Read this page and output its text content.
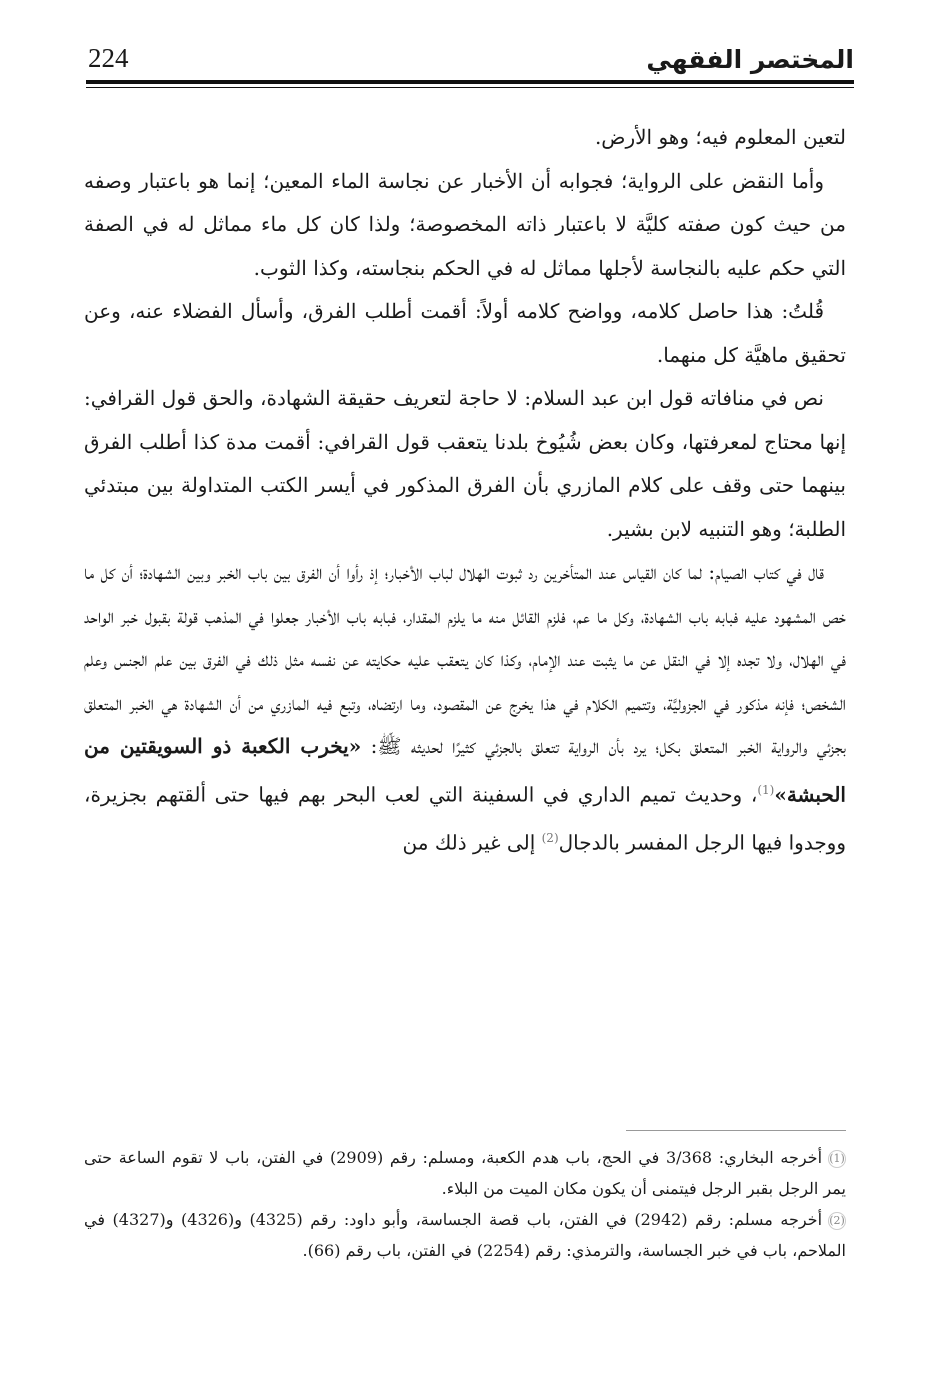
المختصر الفقهي
224

لتعين المعلوم فيه؛ وهو الأرض.

وأما النقض على الرواية؛ فجوابه أن الأخبار عن نجاسة الماء المعين؛ إنما هو باعتبار وصفه من حيث كون صفته كليَّة لا باعتبار ذاته المخصوصة؛ ولذا كان كل ماء مماثل له في الصفة التي حكم عليه بالنجاسة لأجلها مماثل له في الحكم بنجاسته، وكذا الثوب.

قُلتُ: هذا حاصل كلامه، وواضح كلامه أولاً: أقمت أطلب الفرق، وأسأل الفضلاء عنه، وعن تحقيق ماهيَّة كل منهما.

نص في منافاته قول ابن عبد السلام: لا حاجة لتعريف حقيقة الشهادة، والحق قول القرافي: إنها محتاج لمعرفتها، وكان بعض شُيُوخ بلدنا يتعقب قول القرافي: أقمت مدة كذا أطلب الفرق بينهما حتى وقف على كلام المازري بأن الفرق المذكور في أيسر الكتب المتداولة بين مبتدئي الطلبة؛ وهو التنبيه لابن بشير.

قال في كتاب الصيام: لما كان القياس عند المتأخرين رد ثبوت الهلال لباب الأخبار؛ إذ رأوا أن الفرق بين باب الخبر وبين الشهادة؛ أن كل ما خص المشهود عليه فبابه باب الشهادة، وكل ما عم، فلزم القائل منه ما يلزم المقدار، فبابه باب الأخبار جعلوا في المذهب قولة بقبول خبر الواحد في الهلال، ولا تجده إلا في النقل عن ما يثبت عند الإمام، وكذا كان يتعقب عليه حكايته عن نفسه مثل ذلك في الفرق بين علم الجنس وعلم الشخص؛ فإنه مذكور في الجزوليَّة، وتتميم الكلام في هذا يخرج عن المقصود، وما ارتضاه، وتبع فيه المازري من أن الشهادة هي الخبر المتعلق بجزئي والرواية الخبر المتعلق بكل؛ يرد بأن الرواية تتعلق بالجزئي كثيرًا لحديثه ﷺ: «يخرب الكعبة ذو السويقتين من الحبشة»$^{(1)}$، وحديث تميم الداري في السفينة التي لعب البحر بهم فيها حتى ألقتهم بجزيرة، ووجدوا فيها الرجل المفسر بالدجال$^{(2)}$ إلى غير ذلك من

(1)أخرجه البخاري: 3/368 في الحج، باب هدم الكعبة، ومسلم: رقم (2909) في الفتن، باب لا تقوم الساعة حتى يمر الرجل بقبر الرجل فيتمنى أن يكون مكان الميت من البلاء.

(2)أخرجه مسلم: رقم (2942) في الفتن، باب قصة الجساسة، وأبو داود: رقم (4325) و(4326) و(4327) في الملاحم، باب في خبر الجساسة، والترمذي: رقم (2254) في الفتن، باب رقم (66).
